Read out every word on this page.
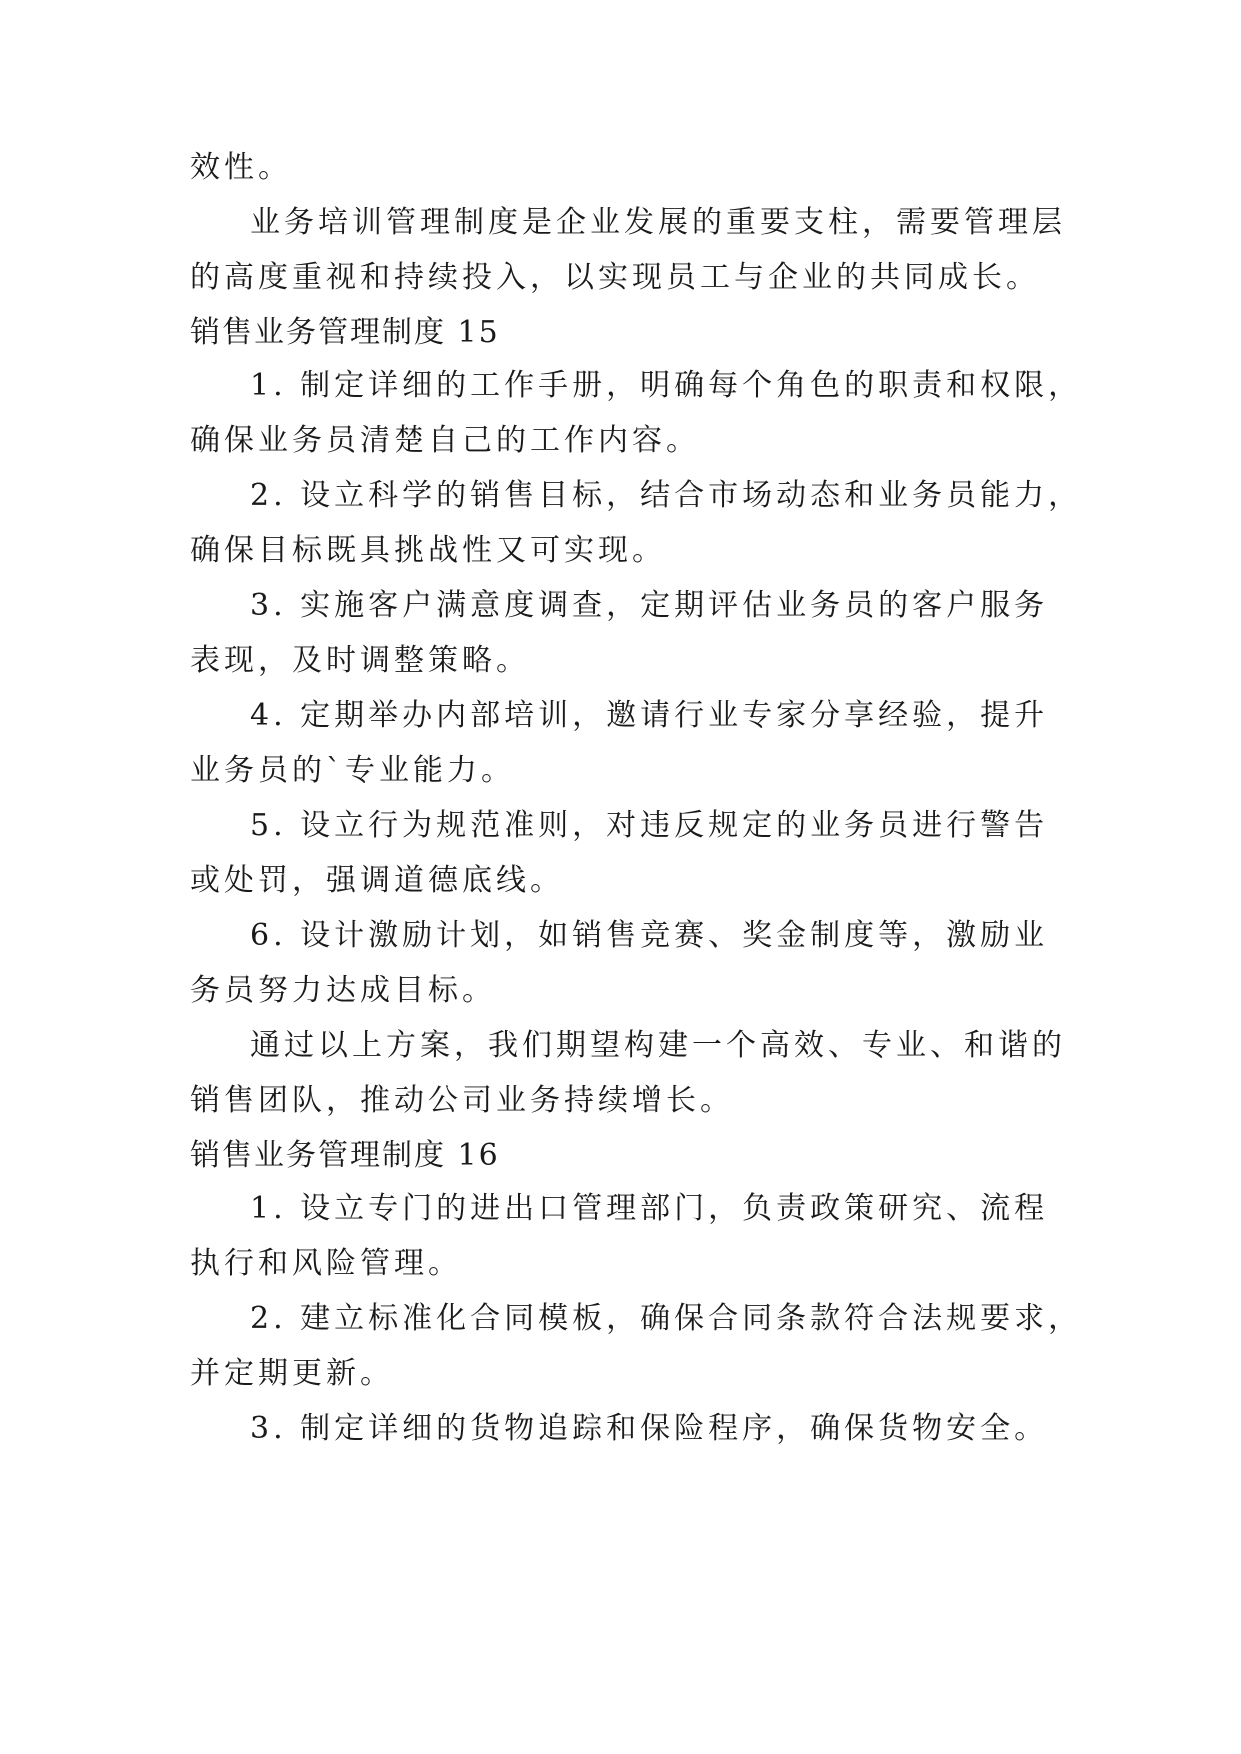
效性。
业务培训管理制度是企业发展的重要支柱，需要管理层
的高度重视和持续投入，以实现员工与企业的共同成长。
销售业务管理制度 15
1. 制定详细的工作手册，明确每个角色的职责和权限，
确保业务员清楚自己的工作内容。
2. 设立科学的销售目标，结合市场动态和业务员能力，
确保目标既具挑战性又可实现。
3. 实施客户满意度调查，定期评估业务员的客户服务
表现，及时调整策略。
4. 定期举办内部培训，邀请行业专家分享经验，提升
业务员的`专业能力。
5. 设立行为规范准则，对违反规定的业务员进行警告
或处罚，强调道德底线。
6. 设计激励计划，如销售竞赛、奖金制度等，激励业
务员努力达成目标。
通过以上方案，我们期望构建一个高效、专业、和谐的
销售团队，推动公司业务持续增长。
销售业务管理制度 16
1. 设立专门的进出口管理部门，负责政策研究、流程
执行和风险管理。
2. 建立标准化合同模板，确保合同条款符合法规要求，
并定期更新。
3. 制定详细的货物追踪和保险程序，确保货物安全。
